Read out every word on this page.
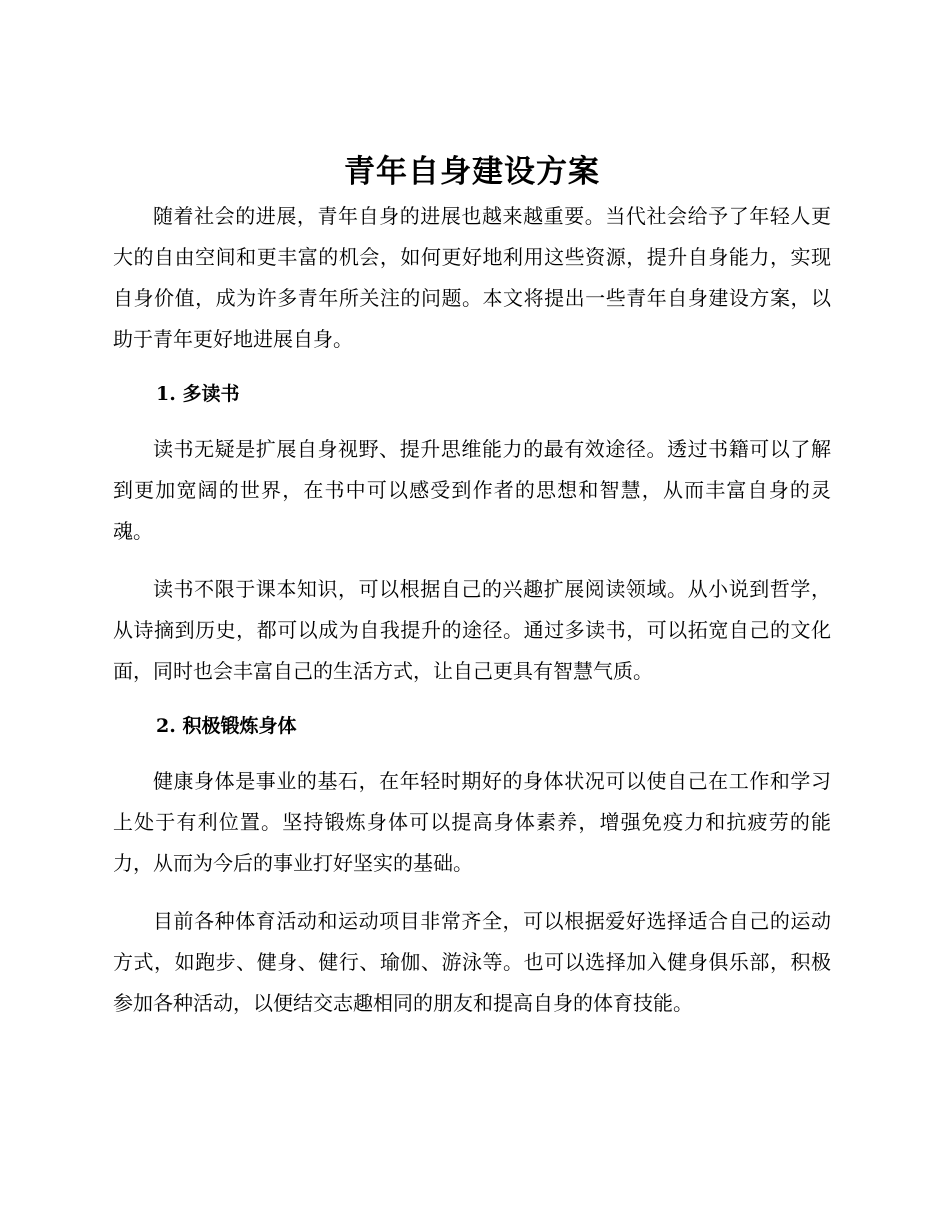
青年自身建设方案

随着社会的进展，青年自身的进展也越来越重要。当代社会给予了年轻人更大的自由空间和更丰富的机会，如何更好地利用这些资源，提升自身能力，实现自身价值，成为许多青年所关注的问题。本文将提出一些青年自身建设方案，以助于青年更好地进展自身。

1. 多读书

读书无疑是扩展自身视野、提升思维能力的最有效途径。透过书籍可以了解到更加宽阔的世界，在书中可以感受到作者的思想和智慧，从而丰富自身的灵魂。

读书不限于课本知识，可以根据自己的兴趣扩展阅读领域。从小说到哲学，从诗摘到历史，都可以成为自我提升的途径。通过多读书，可以拓宽自己的文化面，同时也会丰富自己的生活方式，让自己更具有智慧气质。

2. 积极锻炼身体

健康身体是事业的基石，在年轻时期好的身体状况可以使自己在工作和学习上处于有利位置。坚持锻炼身体可以提高身体素养，增强免疫力和抗疲劳的能力，从而为今后的事业打好坚实的基础。

目前各种体育活动和运动项目非常齐全，可以根据爱好选择适合自己的运动方式，如跑步、健身、健行、瑜伽、游泳等。也可以选择加入健身俱乐部，积极参加各种活动，以便结交志趣相同的朋友和提高自身的体育技能。
